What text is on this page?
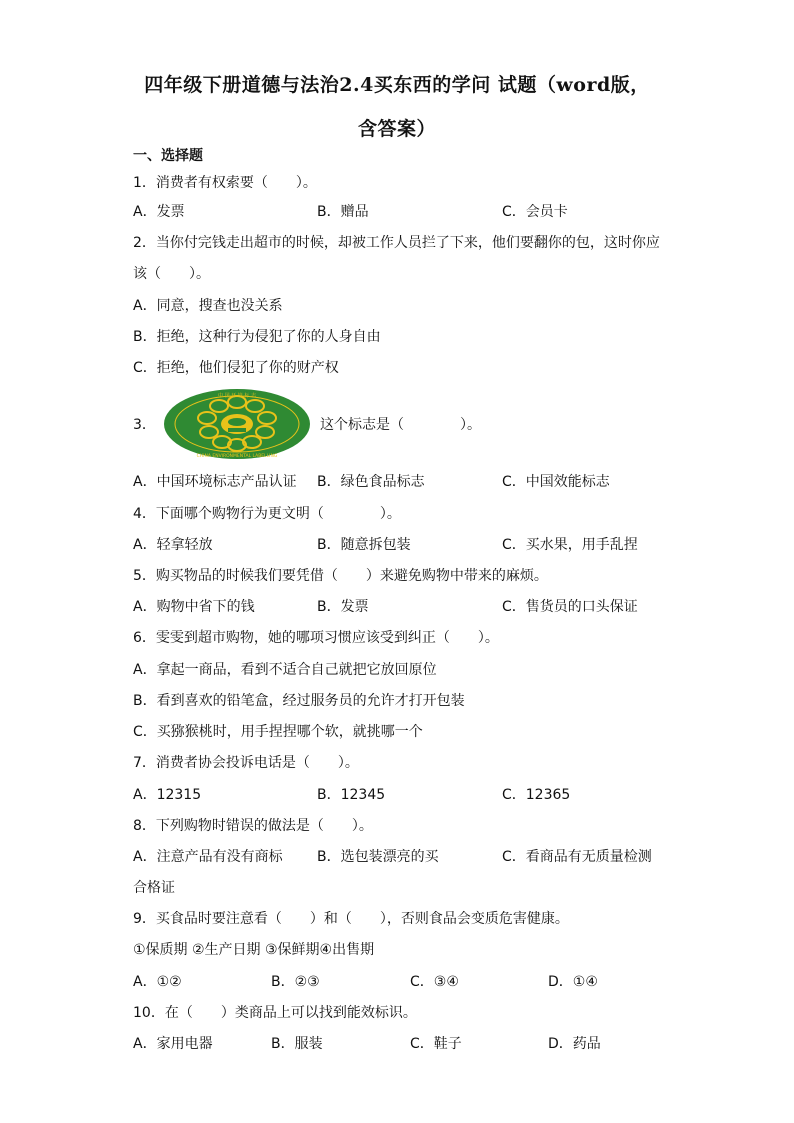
四年级下册道德与法治2.4买东西的学问 试题（word版，
含答案）
一、选择题
1．消费者有权索要（　　）。
A．发票	B．赠品	C．会员卡
2．当你付完钱走出超市的时候，却被工作人员拦了下来，他们要翻你的包，这时你应
该（　　）。
A．同意，搜查也没关系
B．拒绝，这种行为侵犯了你的人身自由
C．拒绝，他们侵犯了你的财产权
3．
中 国 环 境 标 志
CHINA ENVIRONMENTAL LABELLING
这个标志是（　　　　）。
A．中国环境标志产品认证 B．绿色食品标志	C．中国效能标志
4．下面哪个购物行为更文明（　　　　）。
A．轻拿轻放	B．随意拆包装	C．买水果，用手乱捏
5．购买物品的时候我们要凭借（　　）来避免购物中带来的麻烦。
A．购物中省下的钱	B．发票	C．售货员的口头保证
6．雯雯到超市购物，她的哪项习惯应该受到纠正（　　）。
A．拿起一商品，看到不适合自己就把它放回原位
B．看到喜欢的铅笔盒，经过服务员的允许才打开包装
C．买猕猴桃时，用手捏捏哪个软，就挑哪一个
7．消费者协会投诉电话是（　　）。
A．12315	B．12345	C．12365
8．下列购物时错误的做法是（　　）。
A．注意产品有没有商标 B．选包装漂亮的买	C．看商品有无质量检测
合格证
9．买食品时要注意看（　　）和（　　），否则食品会变质危害健康。
①保质期 ②生产日期 ③保鲜期④出售期
A．①②	B．②③	C．③④	D．①④
10．在（　　）类商品上可以找到能效标识。
A．家用电器	B．服装	C．鞋子	D．药品
